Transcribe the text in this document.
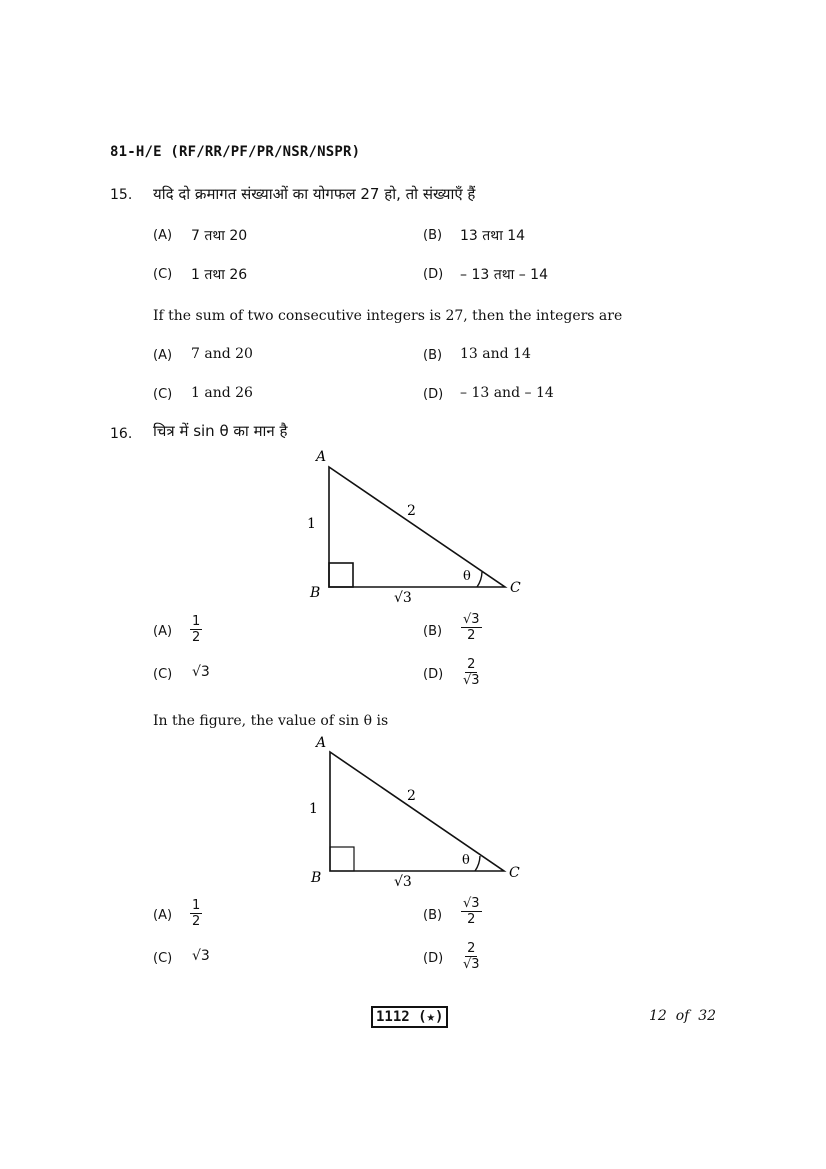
81-H/E (RF/RR/PF/PR/NSR/NSPR)
15. यदि दो क्रमागत संख्याओं का योगफल 27 हो, तो संख्याएँ हैं
(A) 7 तथा 20	(B) 13 तथा 14
(C) 1 तथा 26	(D) – 13 तथा – 14
If the sum of two consecutive integers is 27, then the integers are
(A) 7 and 20	(B) 13 and 14
(C) 1 and 26	(D) – 13 and – 14
16. चित्र में sin θ का मान है
A
B	C
1
2
√3
θ
$(A) \frac{1}{2}$	$(B) \frac{√3}{2}$
(C) √3	$(D) \frac{2}{√3}$
In the figure, the value of sin θ is
A
B	C
1
2
√3
θ
$(A) \frac{1}{2}$	$(B) \frac{√3}{2}$
(C) √3	$(D) \frac{2}{√3}$
1112 (★)	12  of  32
